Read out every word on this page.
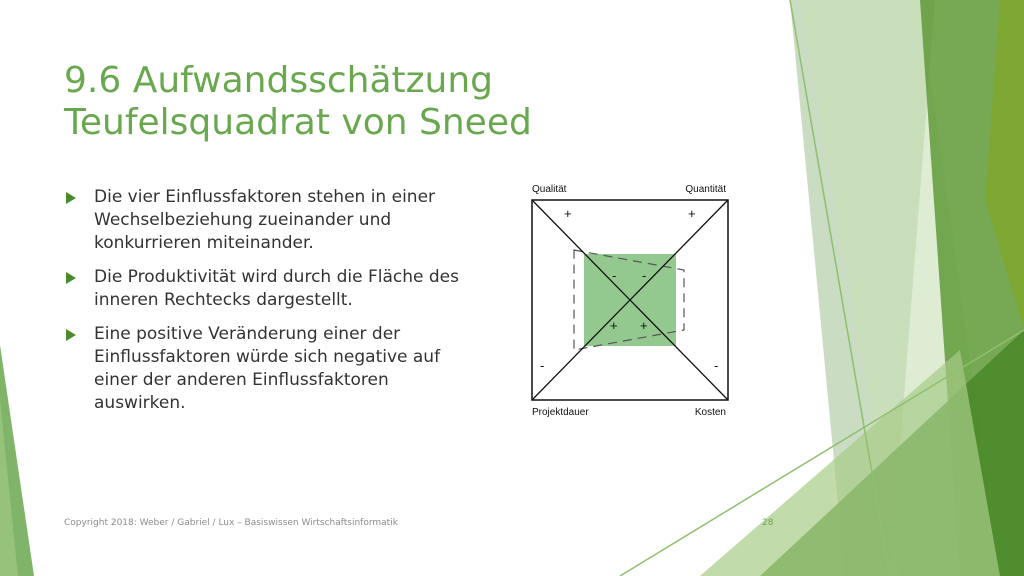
9.6 Aufwandsschätzung
Teufelsquadrat von Sneed
Die vier Einflussfaktoren stehen in einer Wechselbeziehung zueinander und konkurrieren miteinander.
Die Produktivität wird durch die Fläche des inneren Rechtecks dargestellt.
Eine positive Veränderung einer der Einflussfaktoren würde sich negative auf einer der anderen Einflussfaktoren auswirken.
Qualität	Quantität
+	+
-	-
- -
+ +
Projektdauer	Kosten
Copyright 2018: Weber / Gabriel / Lux – Basiswissen Wirtschaftsinformatik	28
